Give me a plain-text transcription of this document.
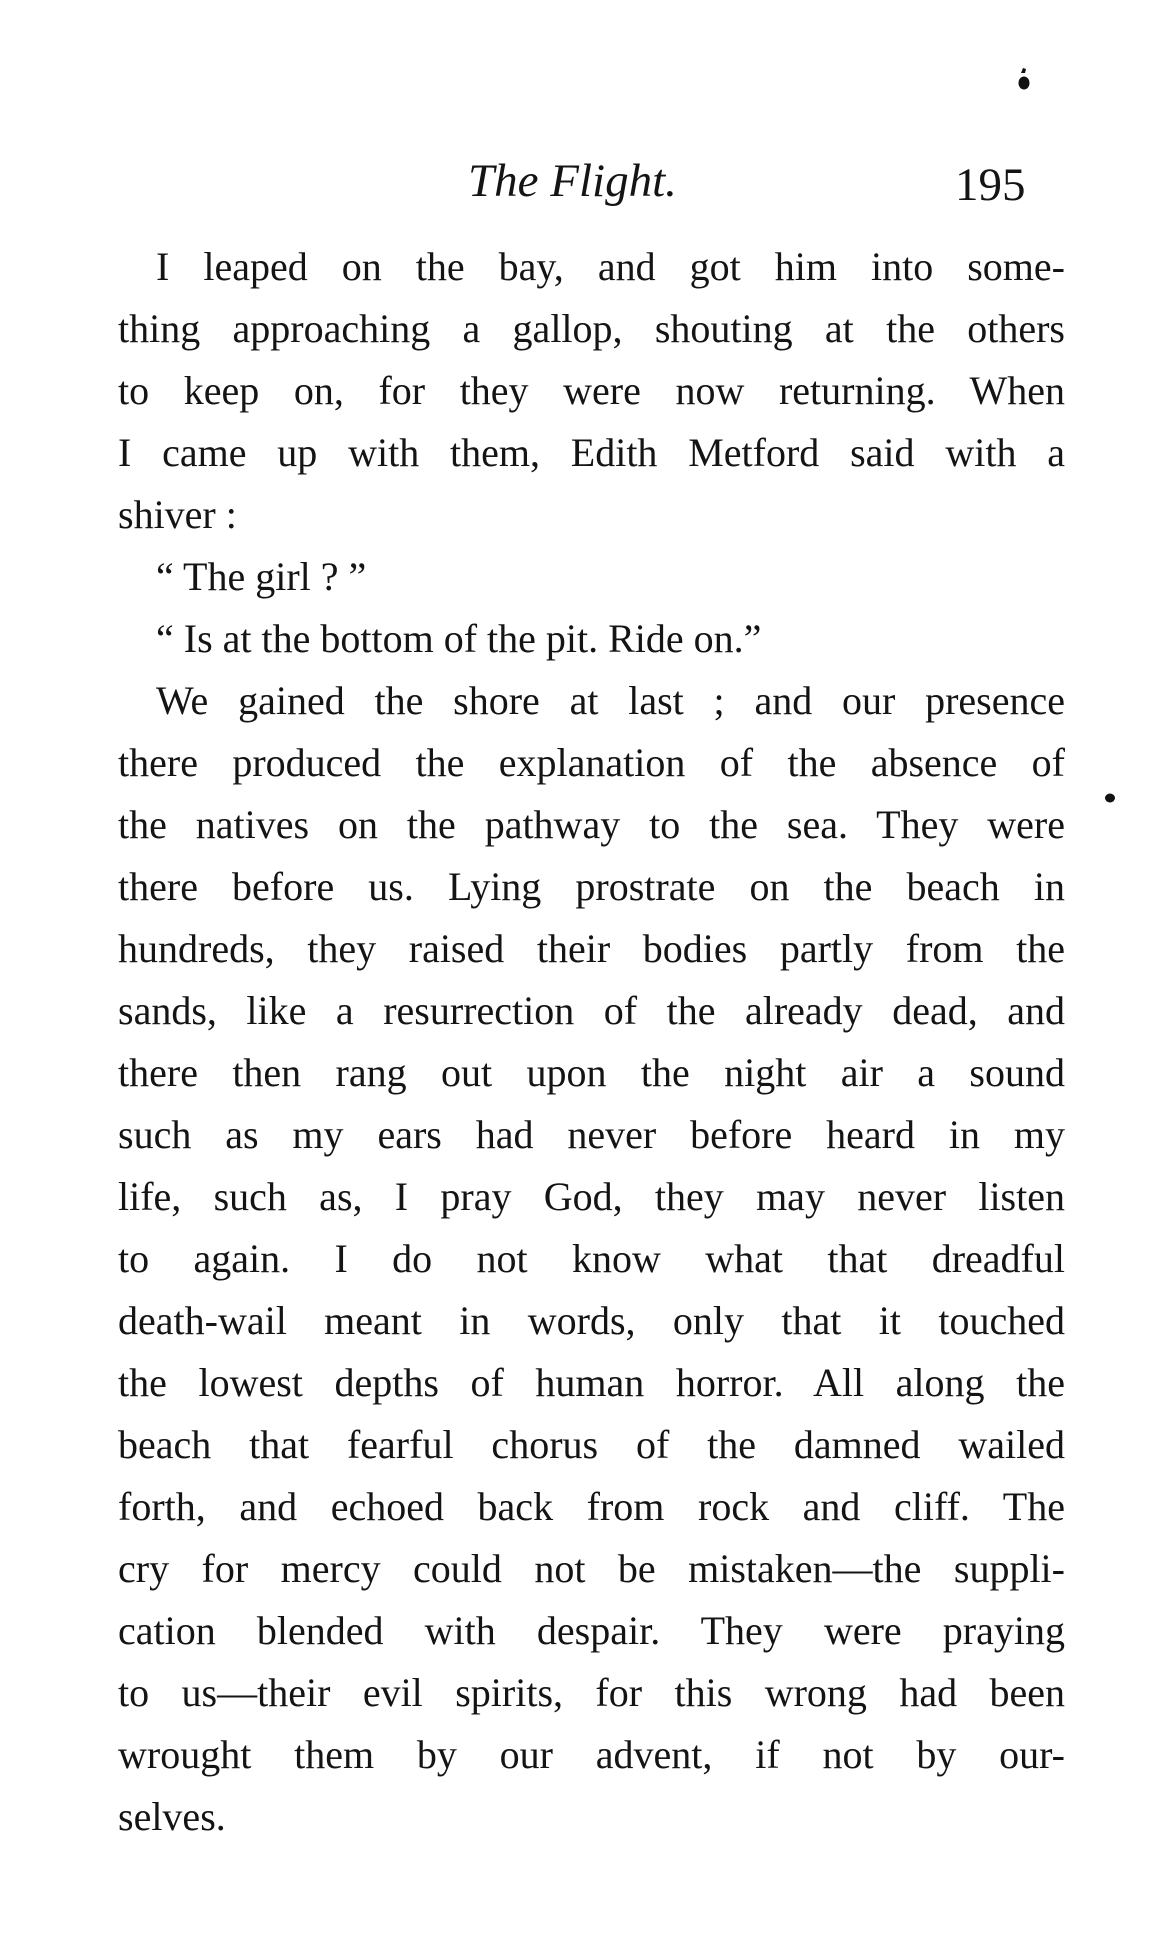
The Flight.	195
I leaped on the bay, and got him into some-
thing approaching a gallop, shouting at the others
to keep on, for they were now returning. When
I came up with them, Edith Metford said with a
shiver :
“ The girl ? ”
“ Is at the bottom of the pit. Ride on.”
We gained the shore at last ; and our presence
there produced the explanation of the absence of
the natives on the pathway to the sea. They were
there before us. Lying prostrate on the beach in
hundreds, they raised their bodies partly from the
sands, like a resurrection of the already dead, and
there then rang out upon the night air a sound
such as my ears had never before heard in my
life, such as, I pray God, they may never listen
to again. I do not know what that dreadful
death-wail meant in words, only that it touched
the lowest depths of human horror. All along the
beach that fearful chorus of the damned wailed
forth, and echoed back from rock and cliff. The
cry for mercy could not be mistaken—the suppli-
cation blended with despair. They were praying
to us—their evil spirits, for this wrong had been
wrought them by our advent, if not by our-
selves.
